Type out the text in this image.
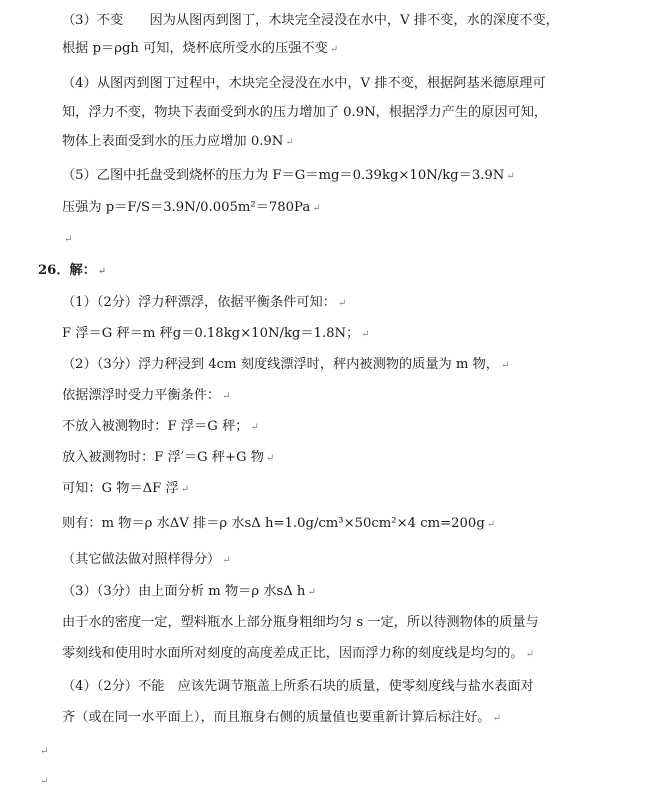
（3）不变　　因为从图丙到图丁，木块完全浸没在水中，V 排不变，水的深度不变，
根据 p＝ρgh 可知，烧杯底所受水的压强不变 ↵
（4）从图丙到图丁过程中，木块完全浸没在水中，V 排不变，根据阿基米德原理可
知，浮力不变，物块下表面受到水的压力增加了 0.9N，根据浮力产生的原因可知，
物体上表面受到水的压力应增加 0.9N ↵
（5）乙图中托盘受到烧杯的压力为 F＝G＝mg＝0.39kg×10N/kg＝3.9N ↵
压强为 p＝F/S＝3.9N/0.005m²＝780Pa ↵
↵
26．解： ↵
（1）（2分）浮力秤漂浮，依据平衡条件可知： ↵
F 浮＝G 秤＝m 秤g＝0.18kg×10N/kg＝1.8N； ↵
（2）（3分）浮力秤浸到 4cm 刻度线漂浮时，秤内被测物的质量为 m 物， ↵
依据漂浮时受力平衡条件： ↵
不放入被测物时：F 浮＝G 秤； ↵
放入被测物时：F 浮′＝G 秤+G 物 ↵
可知：G 物＝ΔF 浮 ↵
则有：m 物＝ρ 水ΔV 排＝ρ 水sΔ h=1.0g/cm³×50cm²×4 cm=200g ↵
（其它做法做对照样得分） ↵
（3）（3分）由上面分析 m 物＝ρ 水sΔ h ↵
由于水的密度一定，塑料瓶水上部分瓶身粗细均匀 s 一定，所以待测物体的质量与
零刻线和使用时水面所对刻度的高度差成正比，因而浮力称的刻度线是均匀的。 ↵
（4）（2分）不能　应该先调节瓶盖上所系石块的质量，使零刻度线与盐水表面对
齐（或在同一水平面上），而且瓶身右侧的质量值也要重新计算后标注好。 ↵
↵
↵
